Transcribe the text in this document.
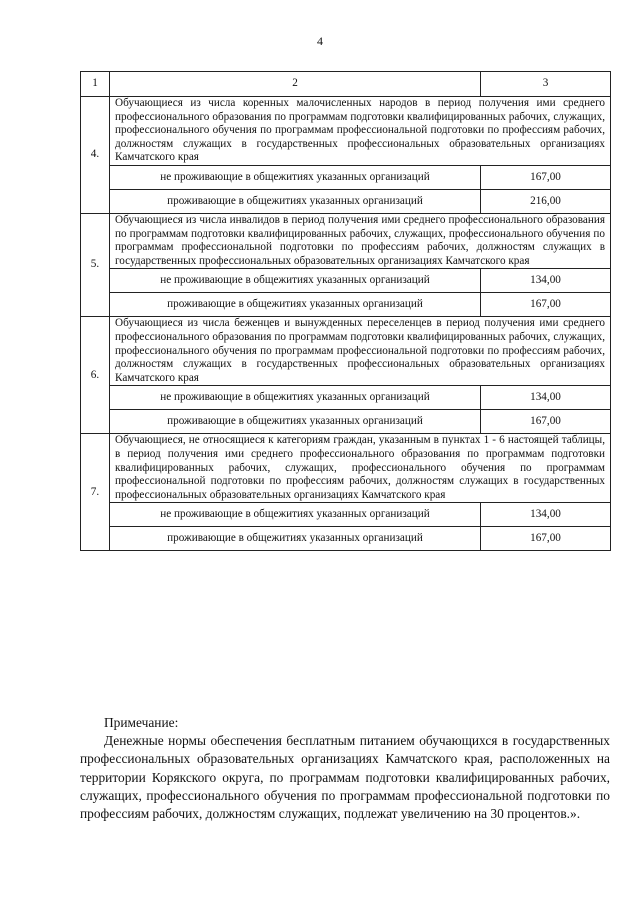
4
1	2	3
4.	Обучающиеся из числа коренных малочисленных народов в период получения ими среднего профессионального образования по программам подготовки квалифицированных рабочих, служащих, профессионального обучения по программам профессиональной подготовки по профессиям рабочих, должностям служащих в государственных профессиональных образовательных организациях Камчатского края	
	не проживающие в общежитиях указанных организаций	167,00
	проживающие в общежитиях указанных организаций	216,00
5.	Обучающиеся из числа инвалидов в период получения ими среднего профессионального образования по программам подготовки квалифицированных рабочих, служащих, профессионального обучения по программам профессиональной подготовки по профессиям рабочих, должностям служащих в государственных профессиональных образовательных организациях Камчатского края	
	не проживающие в общежитиях указанных организаций	134,00
	проживающие в общежитиях указанных организаций	167,00
6.	Обучающиеся из числа беженцев и вынужденных переселенцев в период получения ими среднего профессионального образования по программам подготовки квалифицированных рабочих, служащих, профессионального обучения по программам профессиональной подготовки по профессиям рабочих, должностям служащих в государственных профессиональных образовательных организациях Камчатского края	
	не проживающие в общежитиях указанных организаций	134,00
	проживающие в общежитиях указанных организаций	167,00
7.	Обучающиеся, не относящиеся к категориям граждан, указанным в пунктах 1 - 6 настоящей таблицы, в период получения ими среднего профессионального образования по программам подготовки квалифицированных рабочих, служащих, профессионального обучения по программам профессиональной подготовки по профессиям рабочих, должностям служащих в государственных профессиональных образовательных организациях Камчатского края	
	не проживающие в общежитиях указанных организаций	134,00
	проживающие в общежитиях указанных организаций	167,00
Примечание:
Денежные нормы обеспечения бесплатным питанием обучающихся в государственных профессиональных образовательных организациях Камчатского края, расположенных на территории Корякского округа, по программам подготовки квалифицированных рабочих, служащих, профессионального обучения по программам профессиональной подготовки по профессиям рабочих, должностям служащих, подлежат увеличению на 30 процентов.».
